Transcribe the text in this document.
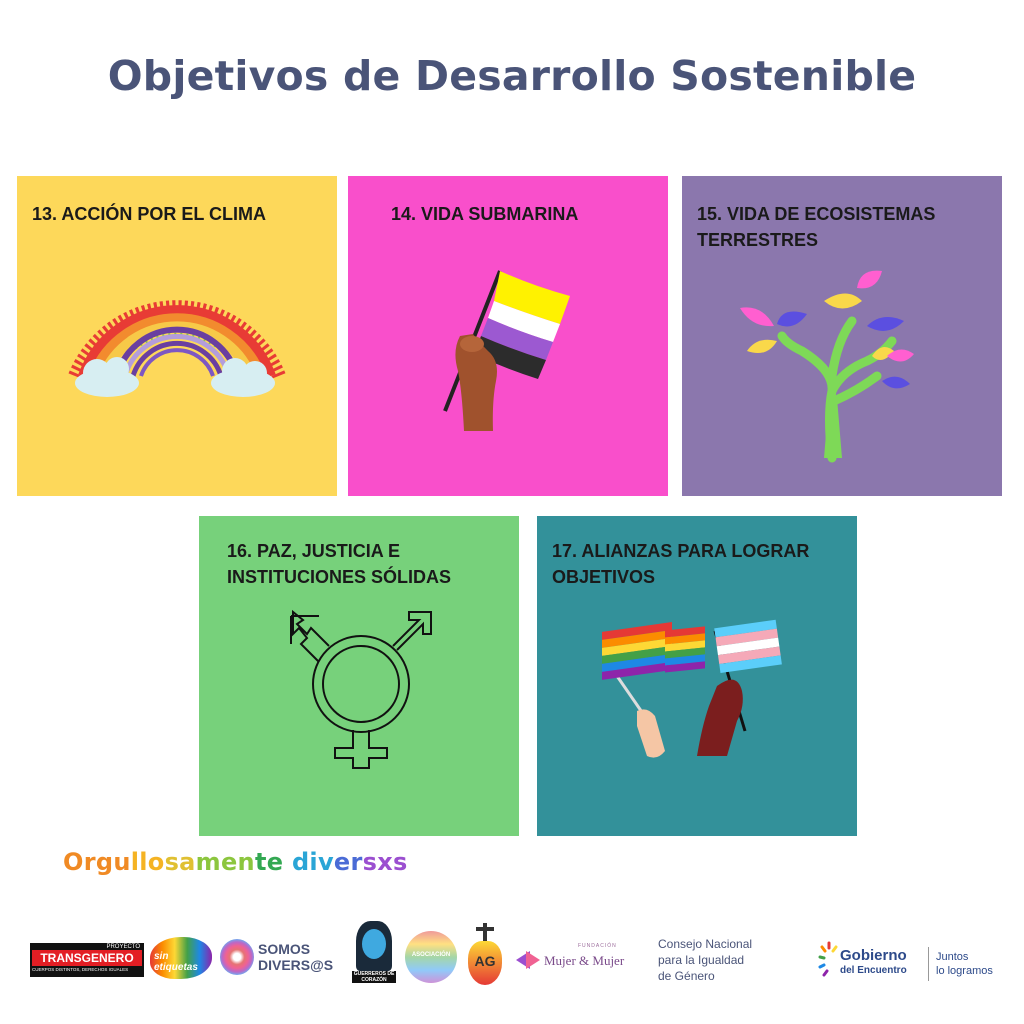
Objetivos de Desarrollo Sostenible
13. ACCIÓN POR EL CLIMA	14. VIDA SUBMARINA	15. VIDA DE ECOSISTEMAS TERRESTRES
16. PAZ, JUSTICIA E INSTITUCIONES SÓLIDAS
17. ALIANZAS PARA LOGRAR OBJETIVOS
Orgullosamente diversxs
PROYECTO
TRANSGENERO
CUERPOS DISTINTOS, DERECHOS IGUALES
sin etiquetas
SOMOS
DIVERS@S
GUERREROS DE CORAZÓN
ASOCIACIÓN	AG
FUNDACIÓN
Mujer & Mujer
Consejo Nacional
para la Igualdad
de Género
Gobierno
del Encuentro
Juntos
lo logramos
